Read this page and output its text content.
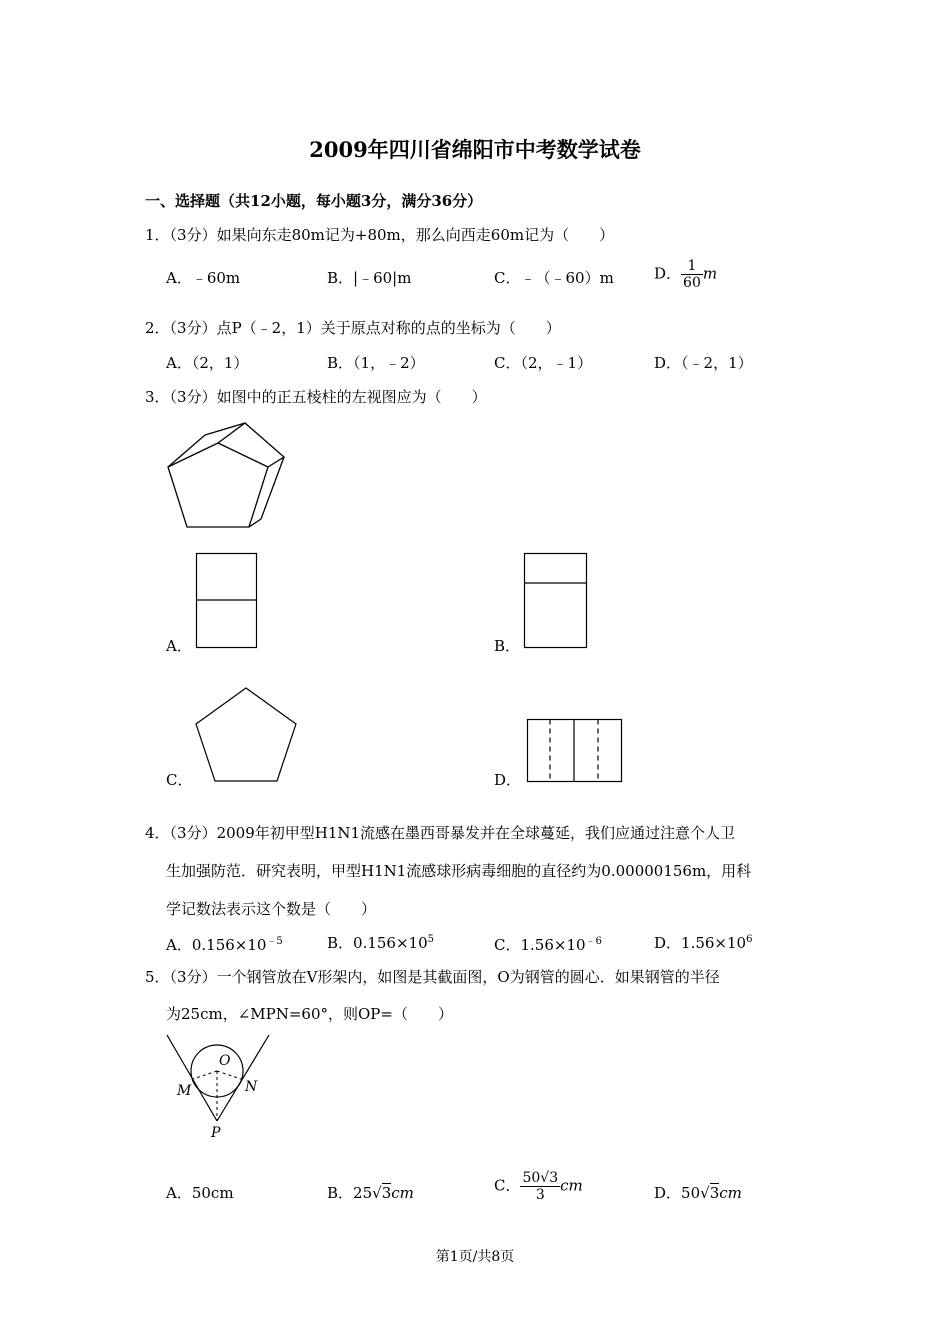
2009年四川省绵阳市中考数学试卷
一、选择题（共12小题，每小题3分，满分36分）
1．（3分）如果向东走80m记为+80m，那么向西走60m记为（　　）
A．﹣60m	B．|﹣60|m	C．﹣（﹣60）m	D． $\frac{1}{60}$ m
2．（3分）点P（﹣2，1）关于原点对称的点的坐标为（　　）
A．（2，1）	B．（1，﹣2）	C．（2，﹣1）	D．（﹣2，1）
3．（3分）如图中的正五棱柱的左视图应为（　　）
A．	B．
C．	D．
4．（3分）2009年初甲型H1N1流感在墨西哥暴发并在全球蔓延，我们应通过注意个人卫
生加强防范．研究表明，甲型H1N1流感球形病毒细胞的直径约为0.00000156m，用科
学记数法表示这个数是（　　）
A．$0.156\times 10^{﹣5}$	B．$0.156\times 10^5$	C．$1.56\times 10^{﹣6}$	D．$1.56\times 10^6$
5．（3分）一个钢管放在V形架内，如图是其截面图，O为钢管的圆心．如果钢管的半径
为25cm，∠MPN=60°，则OP=（　　）
O
M	N
P
A．50cm	B．25√3cm	C． $\frac{50√3}{3}$ cm	D．50√3cm
第1页/共8页
